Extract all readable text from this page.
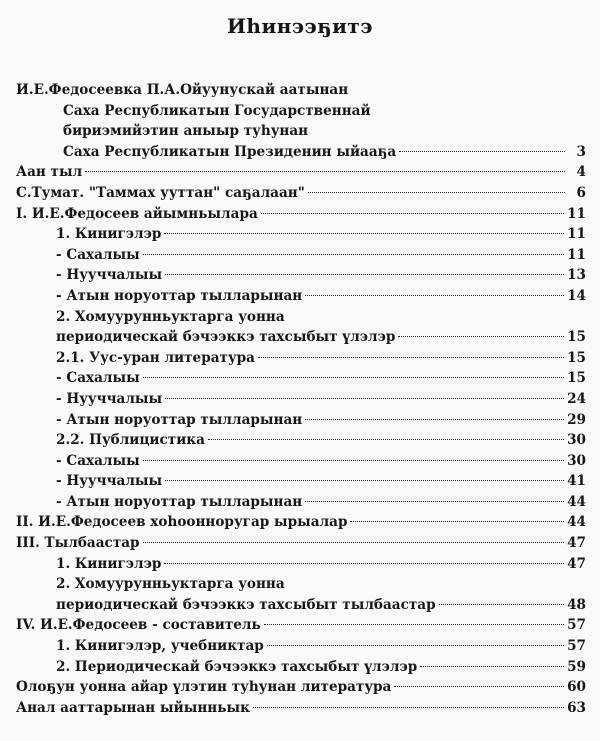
Иhинээҕитэ
И.Е.Федосеевка П.А.Ойуунускай аатынан
Саха Республикатын Государственнай
бириэмийэтин аныыр туhунан
Саха Республикатын Президенин ыйааҕа	3
Аан тыл	4
С.Тумат. "Таммах ууттан" саҕалаан"	6
I. И.Е.Федосеев айымньылара	11
1. Кинигэлэр	11
- Сахалыы	11
- Нууччалыы	13
- Атын норуоттар тылларынан	14
2. Хомуурунньуктарга уонна
периодическай бэчээккэ тахсыбыт үлэлэр	15
2.1. Уус-уран литература	15
- Сахалыы	15
- Нууччалыы	24
- Атын норуоттар тылларынан	29
2.2. Публицистика	30
- Сахалыы	30
- Нууччалыы	41
- Атын норуоттар тылларынан	44
II. И.Е.Федосеев хоhоонноругар ырыалар	44
III. Тылбаастар	47
1. Кинигэлэр	47
2. Хомуурунньуктарга уонна
периодическай бэчээккэ тахсыбыт тылбаастар	48
IV. И.Е.Федосеев - составитель	57
1. Кинигэлэр, учебниктар	57
2. Периодическай бэчээккэ тахсыбыт үлэлэр	59
Олоҕун уонна айар үлэтин туhунан литература	60
Анал ааттарынан ыйынньык	63
